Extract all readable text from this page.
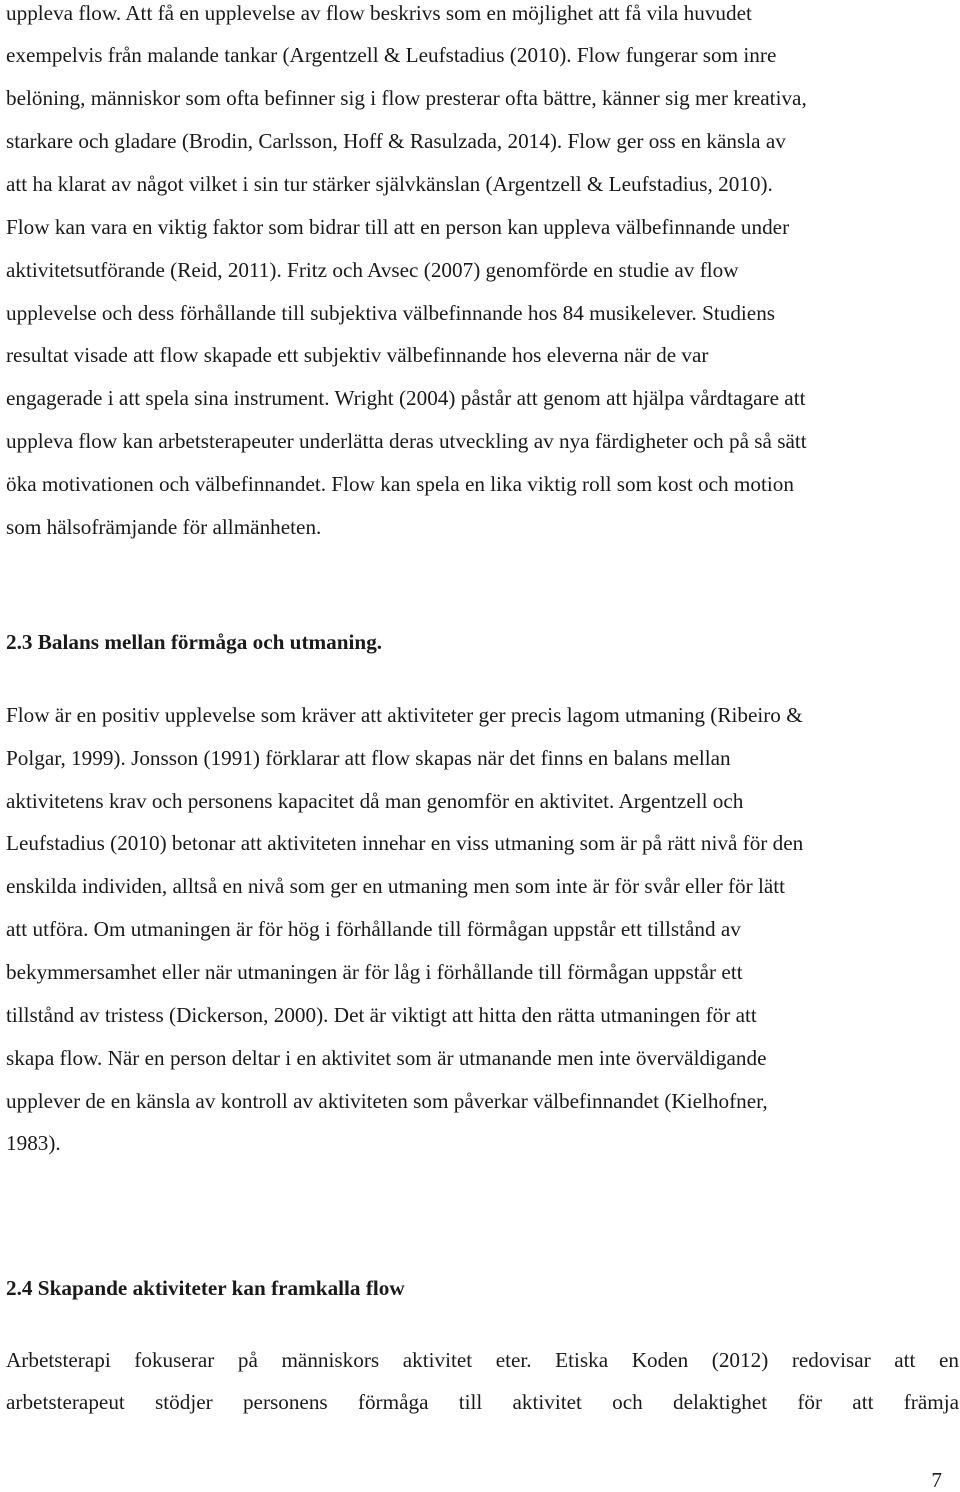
uppleva flow. Att få en upplevelse av flow beskrivs som en möjlighet att få vila huvudet
exempelvis från malande tankar (Argentzell & Leufstadius (2010). Flow fungerar som inre
belöning, människor som ofta befinner sig i flow presterar ofta bättre, känner sig mer kreativa,
starkare och gladare (Brodin, Carlsson, Hoff & Rasulzada, 2014). Flow ger oss en känsla av
att ha klarat av något vilket i sin tur stärker självkänslan (Argentzell & Leufstadius, 2010).
Flow kan vara en viktig faktor som bidrar till att en person kan uppleva välbefinnande under
aktivitetsutförande (Reid, 2011). Fritz och Avsec (2007) genomförde en studie av flow
upplevelse och dess förhållande till subjektiva välbefinnande hos 84 musikelever. Studiens
resultat visade att flow skapade ett subjektiv välbefinnande hos eleverna när de var
engagerade i att spela sina instrument. Wright (2004) påstår att genom att hjälpa vårdtagare att
uppleva flow kan arbetsterapeuter underlätta deras utveckling av nya färdigheter och på så sätt
öka motivationen och välbefinnandet. Flow kan spela en lika viktig roll som kost och motion
som hälsofrämjande för allmänheten.
2.3 Balans mellan förmåga och utmaning.
Flow är en positiv upplevelse som kräver att aktiviteter ger precis lagom utmaning (Ribeiro &
Polgar, 1999). Jonsson (1991) förklarar att flow skapas när det finns en balans mellan
aktivitetens krav och personens kapacitet då man genomför en aktivitet. Argentzell och
Leufstadius (2010) betonar att aktiviteten innehar en viss utmaning som är på rätt nivå för den
enskilda individen, alltså en nivå som ger en utmaning men som inte är för svår eller för lätt
att utföra. Om utmaningen är för hög i förhållande till förmågan uppstår ett tillstånd av
bekymmersamhet eller när utmaningen är för låg i förhållande till förmågan uppstår ett
tillstånd av tristess (Dickerson, 2000). Det är viktigt att hitta den rätta utmaningen för att
skapa flow. När en person deltar i en aktivitet som är utmanande men inte överväldigande
upplever de en känsla av kontroll av aktiviteten som påverkar välbefinnandet (Kielhofner,
1983).
2.4 Skapande aktiviteter kan framkalla flow
Arbetsterapi fokuserar på människors aktivitet eter. Etiska Koden (2012) redovisar att en
arbetsterapeut stödjer personens förmåga till aktivitet och delaktighet för att främja
7
